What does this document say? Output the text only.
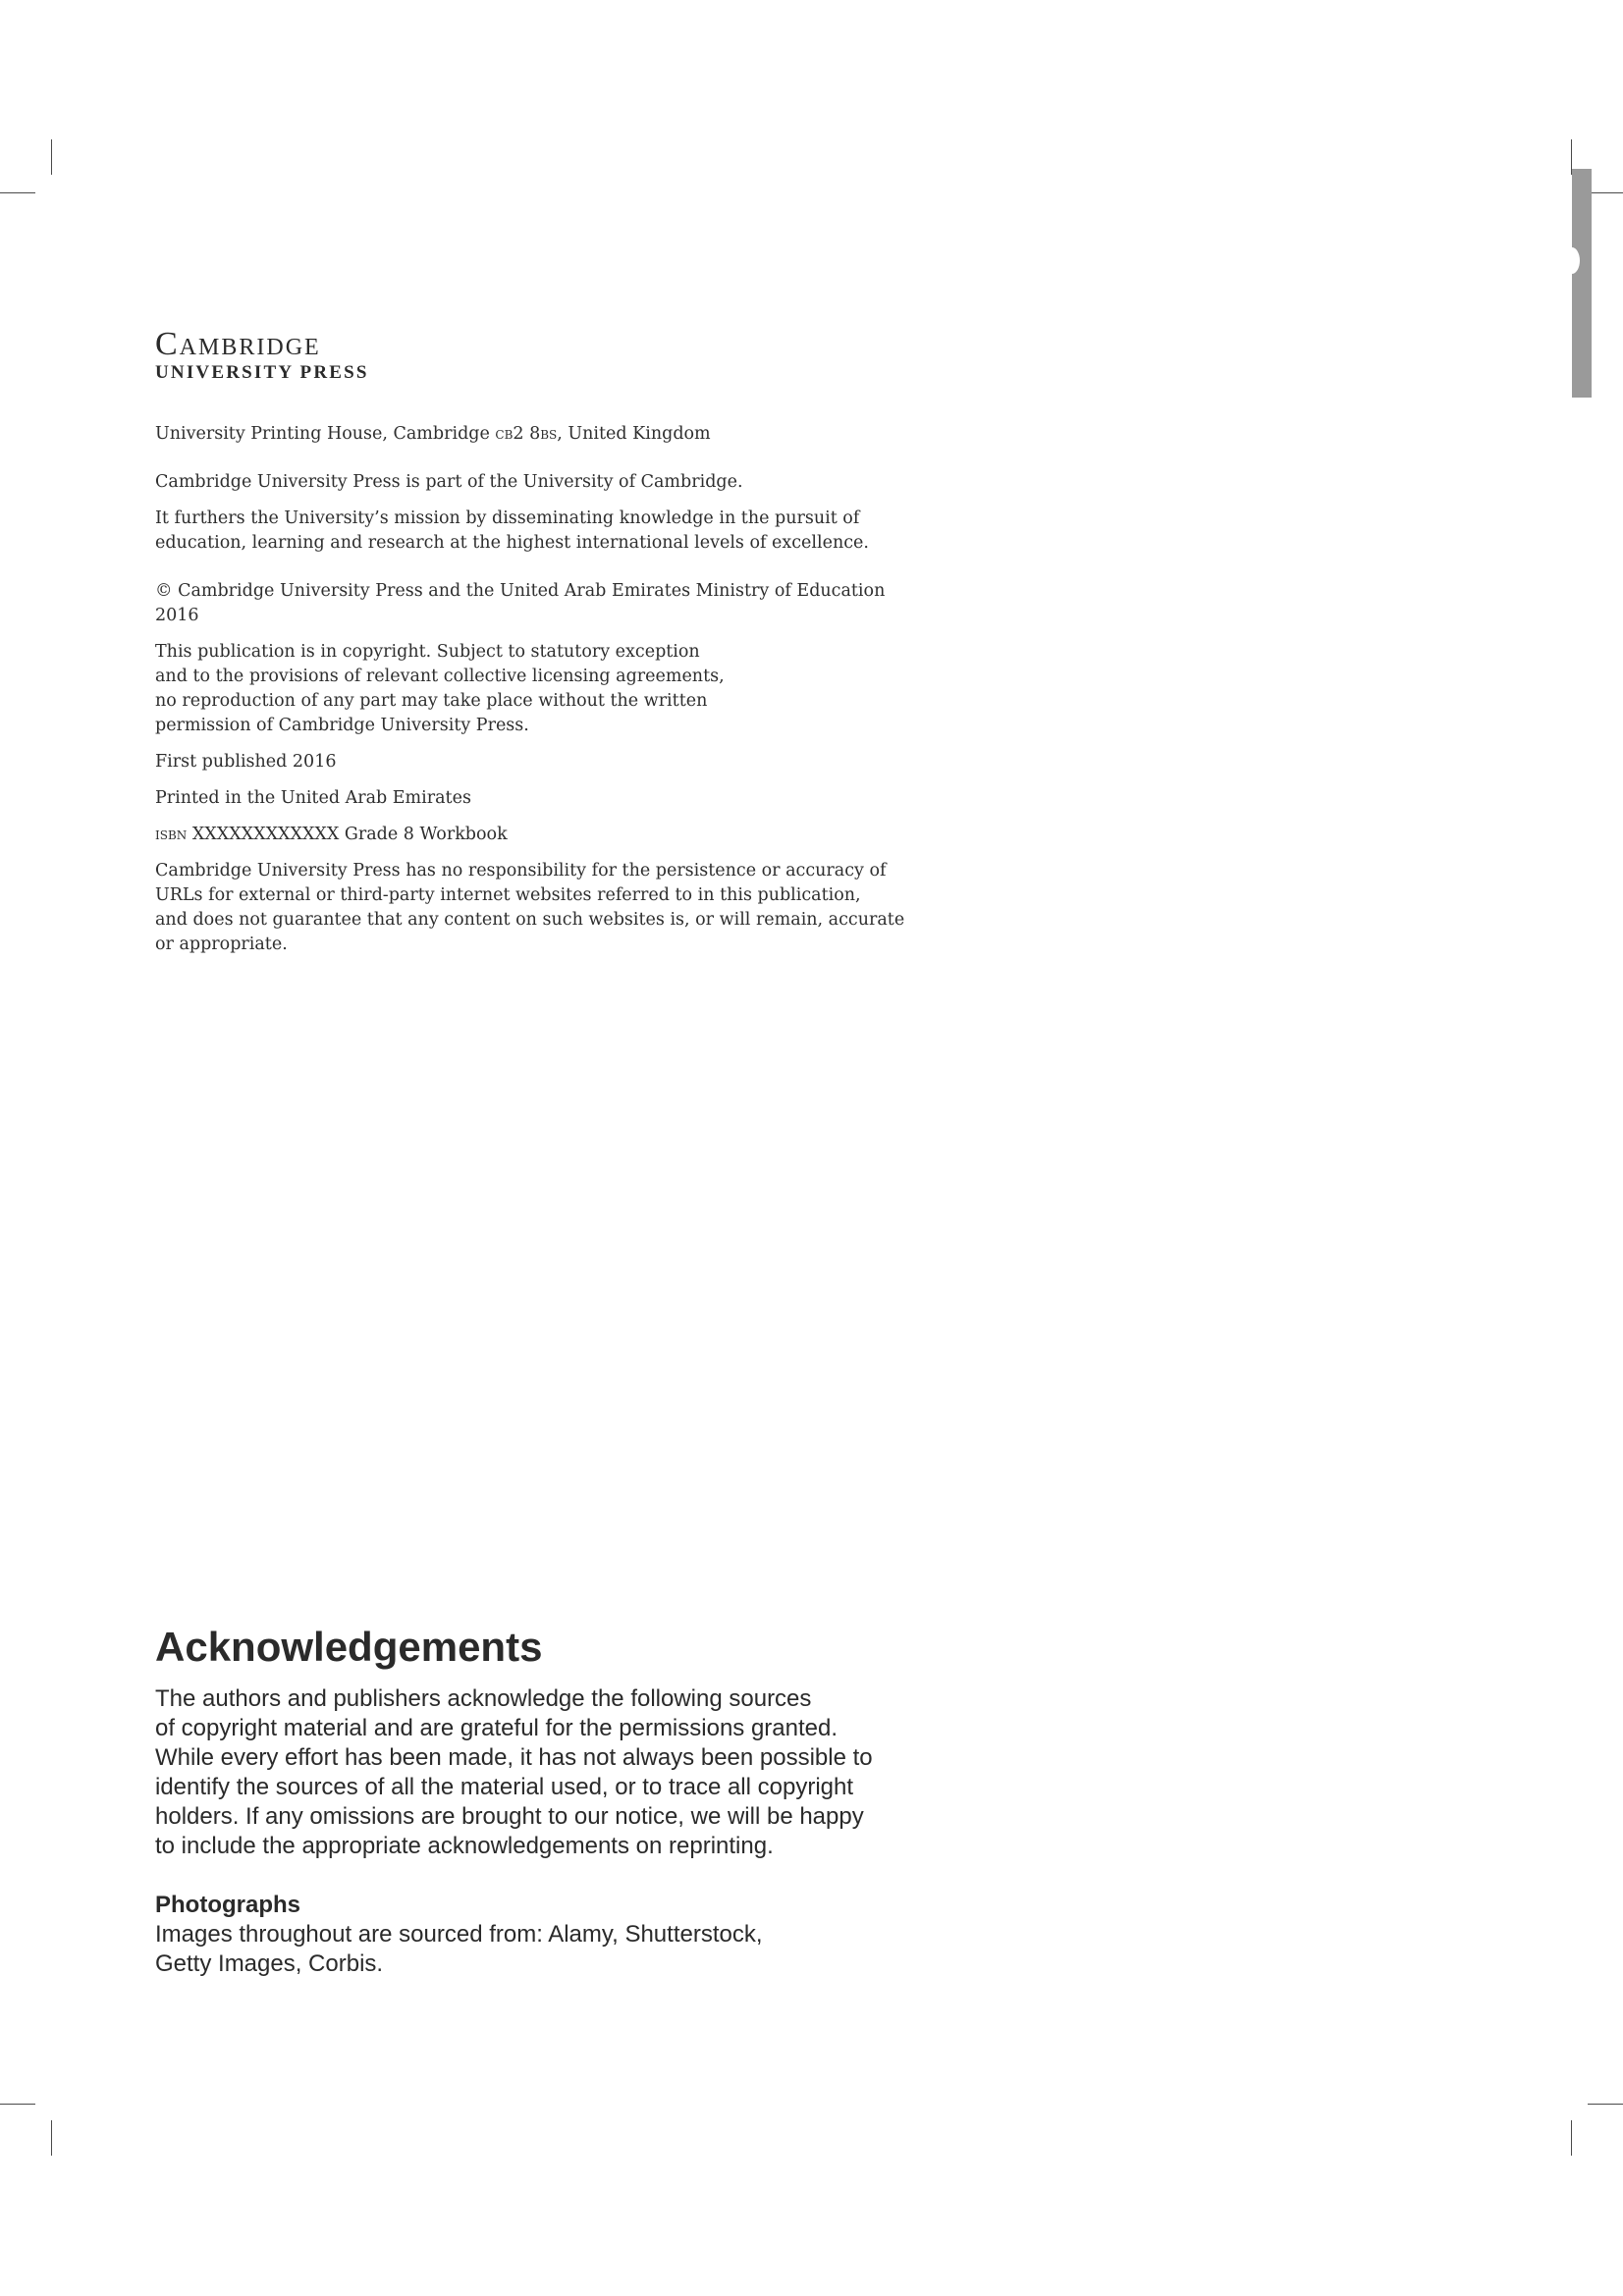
Cambridge
UNIVERSITY PRESS

University Printing House, Cambridge cb2 8bs, United Kingdom

Cambridge University Press is part of the University of Cambridge.

It furthers the University’s mission by disseminating knowledge in the pursuit of
education, learning and research at the highest international levels of excellence.

© Cambridge University Press and the United Arab Emirates Ministry of Education 2016

This publication is in copyright. Subject to statutory exception
and to the provisions of relevant collective licensing agreements,
no reproduction of any part may take place without the written
permission of Cambridge University Press.

First published 2016

Printed in the United Arab Emirates

isbn XXXXXXXXXXXX Grade 8 Workbook

Cambridge University Press has no responsibility for the persistence or accuracy of
URLs for external or third-party internet websites referred to in this publication,
and does not guarantee that any content on such websites is, or will remain, accurate
or appropriate.

Acknowledgements

The authors and publishers acknowledge the following sources
of copyright material and are grateful for the permissions granted.
While every effort has been made, it has not always been possible to
identify the sources of all the material used, or to trace all copyright
holders. If any omissions are brought to our notice, we will be happy
to include the appropriate acknowledgements on reprinting.

Photographs

Images throughout are sourced from: Alamy, Shutterstock,
Getty Images, Corbis.
